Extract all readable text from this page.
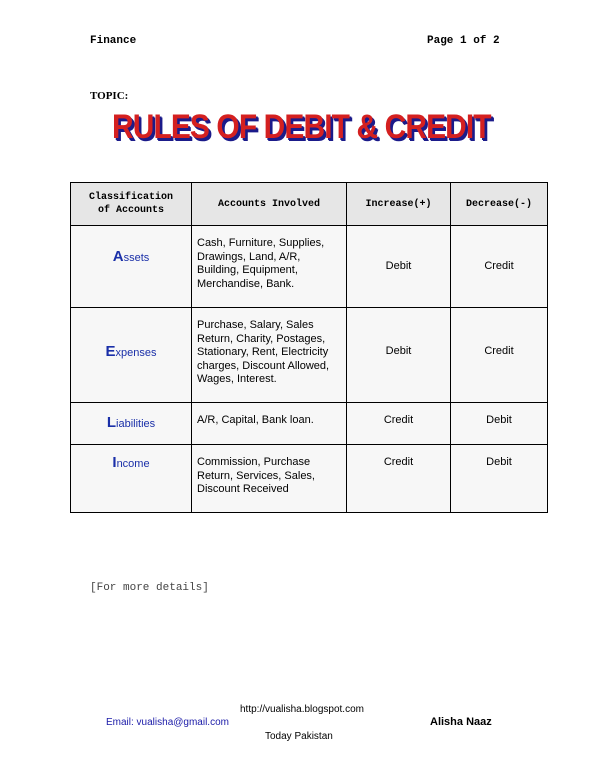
Finance	Page 1 of 2
TOPIC:
RULES OF DEBIT & CREDIT
Classification
of Accounts	Accounts Involved	Increase(+)	Decrease(-)
Assets	Cash, Furniture, Supplies, Drawings, Land, A/R, Building, Equipment, Merchandise, Bank.	Debit	Credit
Expenses	Purchase, Salary, Sales Return, Charity, Postages, Stationary, Rent, Electricity charges, Discount Allowed, Wages, Interest.	Debit	Credit
Liabilities	A/R, Capital, Bank loan.	Credit	Debit
Income	Commission, Purchase Return, Services, Sales, Discount Received	Credit	Debit
[For more details]
http://vualisha.blogspot.com
Email: vualisha@gmail.com	Alisha Naaz
Today Pakistan
